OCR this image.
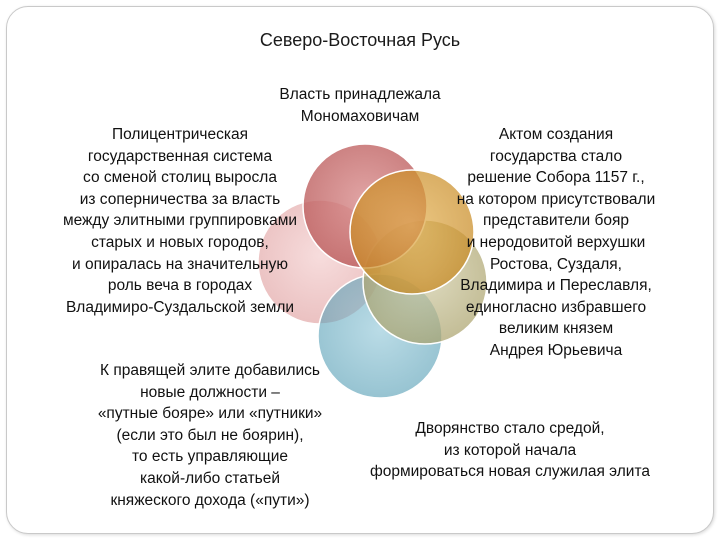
Северо-Восточная Русь
Власть принадлежала
Мономаховичам
Полицентрическая
государственная система
со сменой столиц выросла
из соперничества за власть
между элитными группировками
старых и новых городов,
и опиралась на значительную
роль веча в городах
Владимиро-Суздальской земли
Актом создания
государства стало
решение Собора 1157 г.,
на котором присутствовали
представители бояр
и неродовитой верхушки
Ростова, Суздаля,
Владимира и Переславля,
единогласно избравшего
великим князем
Андрея Юрьевича
К правящей элите добавились
новые должности –
«путные бояре» или «путники»
(если это был не боярин),
то есть управляющие
какой-либо статьей
княжеского дохода («пути»)
Дворянство стало средой,
из которой начала
формироваться новая служилая элита
